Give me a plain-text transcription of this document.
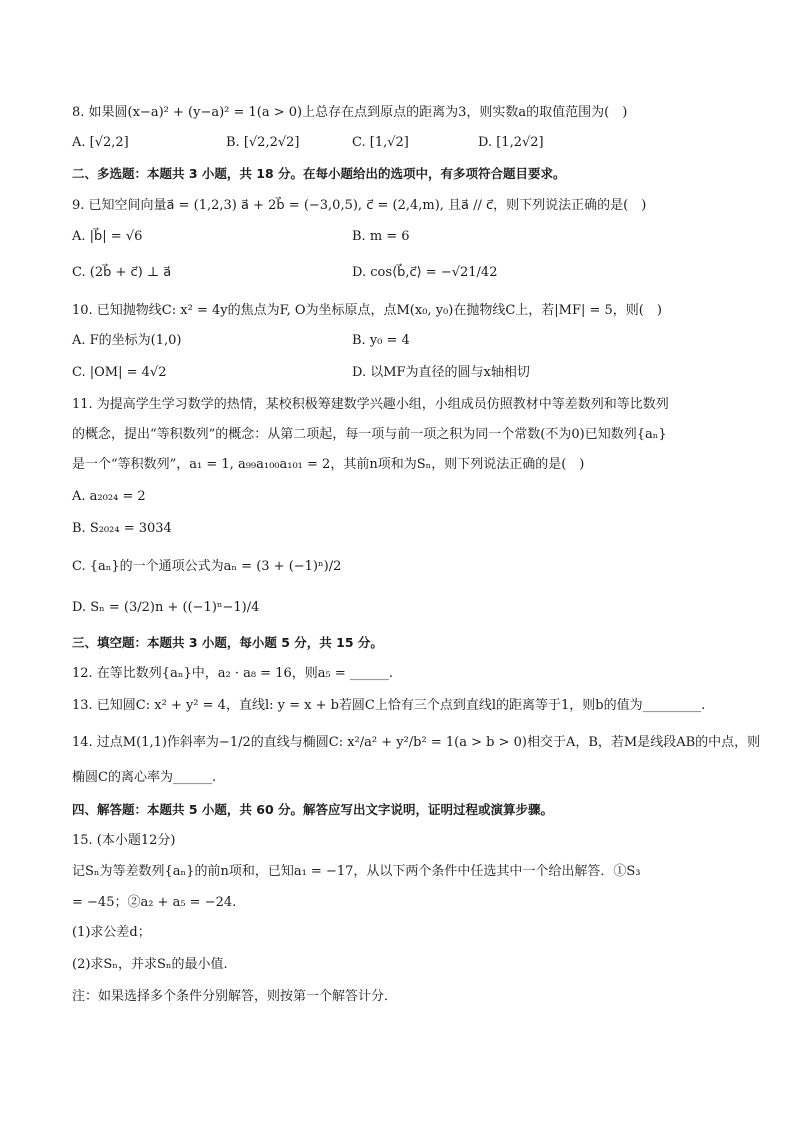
8. 如果圆(x−a)² + (y−a)² = 1(a > 0)上总存在点到原点的距离为3，则实数a的取值范围为(　)
A. [√2,2]	B. [√2,2√2]	C. [1,√2]	D. [1,2√2]
二、多选题：本题共 3 小题，共 18 分。在每小题给出的选项中，有多项符合题目要求。
9. 已知空间向量a⃗ = (1,2,3) a⃗ + 2b⃗ = (−3,0,5), c⃗ = (2,4,m), 且a⃗ // c⃗，则下列说法正确的是(　)
A. |b⃗| = √6	B. m = 6
C. (2b⃗ + c⃗) ⊥ a⃗	D. cos⟨b⃗,c⃗⟩ = −√21/42
10. 已知抛物线C: x² = 4y的焦点为F, O为坐标原点，点M(x₀, y₀)在抛物线C上，若|MF| = 5，则(　)
A. F的坐标为(1,0)	B. y₀ = 4
C. |OM| = 4√2	D. 以MF为直径的圆与x轴相切
11. 为提高学生学习数学的热情，某校积极筹建数学兴趣小组，小组成员仿照教材中等差数列和等比数列
的概念，提出“等积数列”的概念：从第二项起，每一项与前一项之积为同一个常数(不为0)已知数列{aₙ}
是一个“等积数列”，a₁ = 1, a₉₉a₁₀₀a₁₀₁ = 2，其前n项和为Sₙ，则下列说法正确的是(　)
A. a₂₀₂₄ = 2
B. S₂₀₂₄ = 3034
C. {aₙ}的一个通项公式为aₙ = (3 + (−1)ⁿ)/2
D. Sₙ = (3/2)n + ((−1)ⁿ−1)/4
三、填空题：本题共 3 小题，每小题 5 分，共 15 分。
12. 在等比数列{aₙ}中，a₂ · a₈ = 16，则a₅ = ______.
13. 已知圆C: x² + y² = 4，直线l: y = x + b若圆C上恰有三个点到直线l的距离等于1，则b的值为_________.
14. 过点M(1,1)作斜率为−1/2的直线与椭圆C: x²/a² + y²/b² = 1(a > b > 0)相交于A，B，若M是线段AB的中点，则
椭圆C的离心率为______.
四、解答题：本题共 5 小题，共 60 分。解答应写出文字说明，证明过程或演算步骤。
15. (本小题12分)
记Sₙ为等差数列{aₙ}的前n项和，已知a₁ = −17，从以下两个条件中任选其中一个给出解答．①S₃
= −45；②a₂ + a₅ = −24.
(1)求公差d；
(2)求Sₙ，并求Sₙ的最小值.
注：如果选择多个条件分别解答，则按第一个解答计分．
